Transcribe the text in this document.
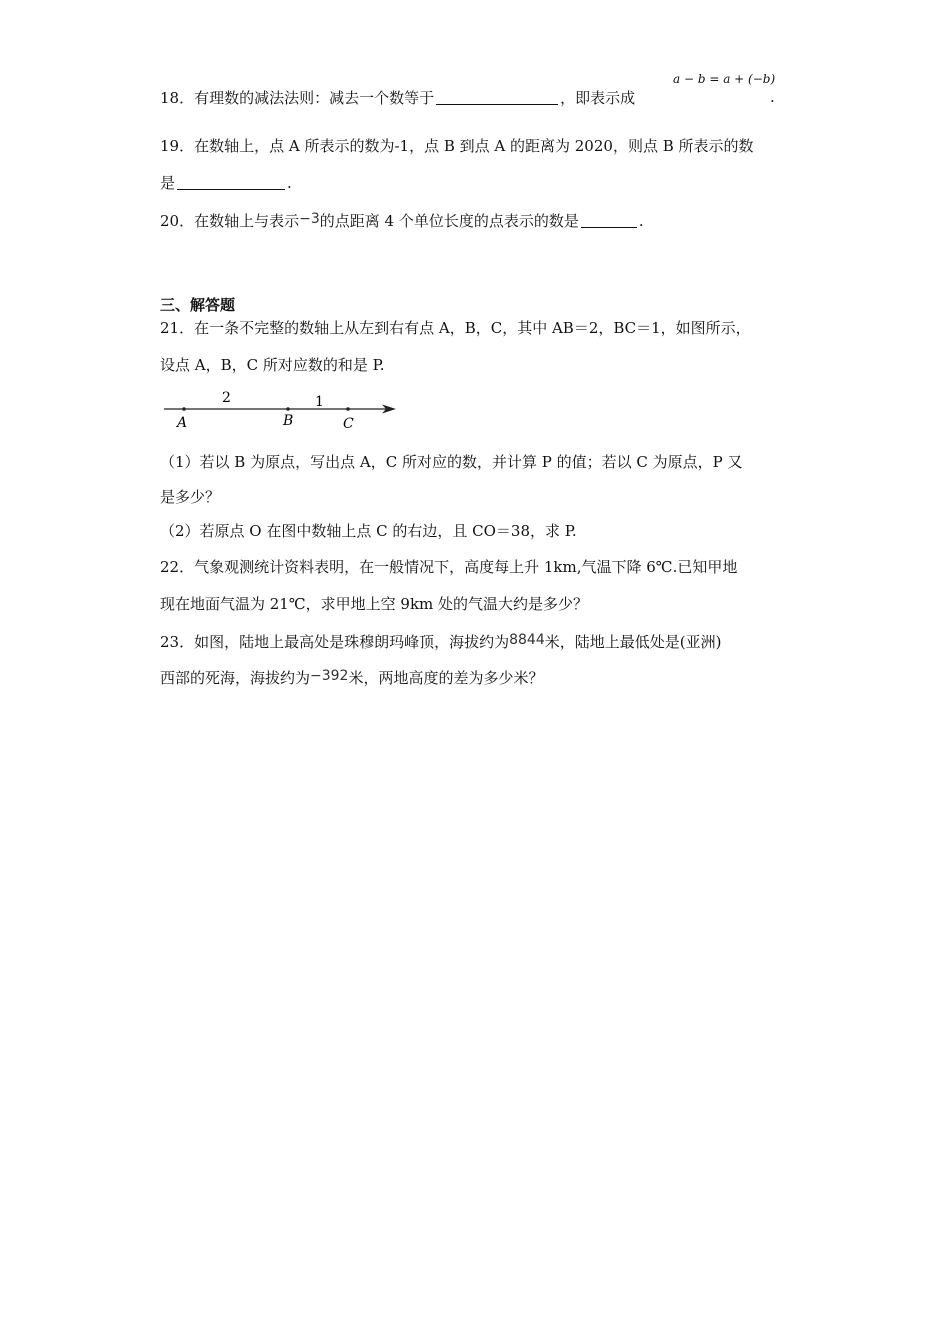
18．有理数的减法法则：减去一个数等于	，即表示成
a − b = a + (−b)
.
19．在数轴上，点 A 所表示的数为-1，点 B 到点 A 的距离为 2020，则点 B 所表示的数
是	.
20．在数轴上与表示−3的点距离 4 个单位长度的点表示的数是	.
三、解答题
21．在一条不完整的数轴上从左到右有点 A，B，C，其中 AB＝2，BC＝1，如图所示，
设点 A，B，C 所对应数的和是 P.
2	1
A	B	C
（1）若以 B 为原点，写出点 A，C 所对应的数，并计算 P 的值；若以 C 为原点，P 又
是多少？
（2）若原点 O 在图中数轴上点 C 的右边，且 CO＝38，求 P.
22．气象观测统计资料表明，在一般情况下，高度每上升 1km,气温下降 6℃.已知甲地
现在地面气温为 21℃，求甲地上空 9km 处的气温大约是多少？
23．如图，陆地上最高处是珠穆朗玛峰顶，海拔约为8844米，陆地上最低处是(亚洲)
西部的死海，海拔约为−392米，两地高度的差为多少米？
